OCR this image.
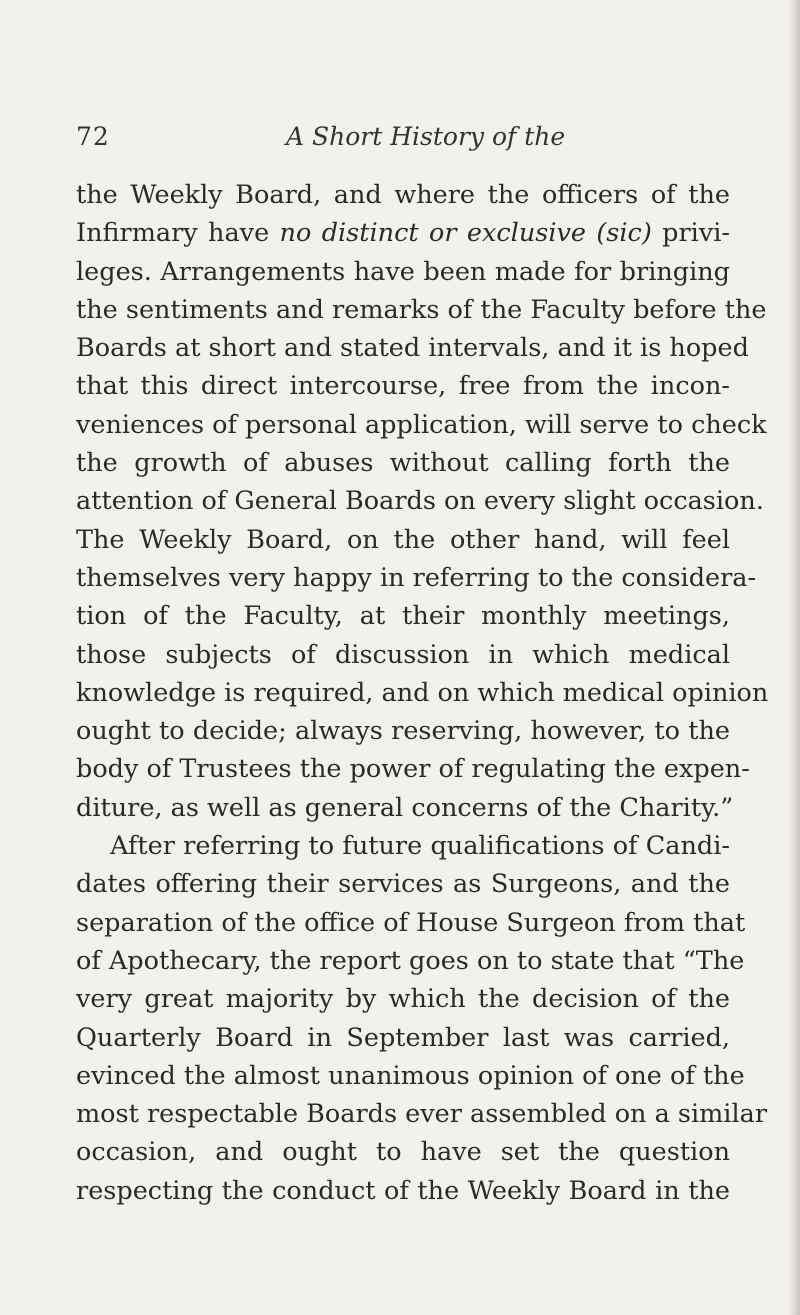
72	A Short History of the
the Weekly Board, and where the officers of the
Infirmary have no distinct or exclusive (sic) privi-
leges. Arrangements have been made for bringing
the sentiments and remarks of the Faculty before the
Boards at short and stated intervals, and it is hoped
that this direct intercourse, free from the incon-
veniences of personal application, will serve to check
the growth of abuses without calling forth the
attention of General Boards on every slight occasion.
The Weekly Board, on the other hand, will feel
themselves very happy in referring to the considera-
tion of the Faculty, at their monthly meetings,
those subjects of discussion in which medical
knowledge is required, and on which medical opinion
ought to decide; always reserving, however, to the
body of Trustees the power of regulating the expen-
diture, as well as general concerns of the Charity.”
After referring to future qualifications of Candi-
dates offering their services as Surgeons, and the
separation of the office of House Surgeon from that
of Apothecary, the report goes on to state that “The
very great majority by which the decision of the
Quarterly Board in September last was carried,
evinced the almost unanimous opinion of one of the
most respectable Boards ever assembled on a similar
occasion, and ought to have set the question
respecting the conduct of the Weekly Board in the
